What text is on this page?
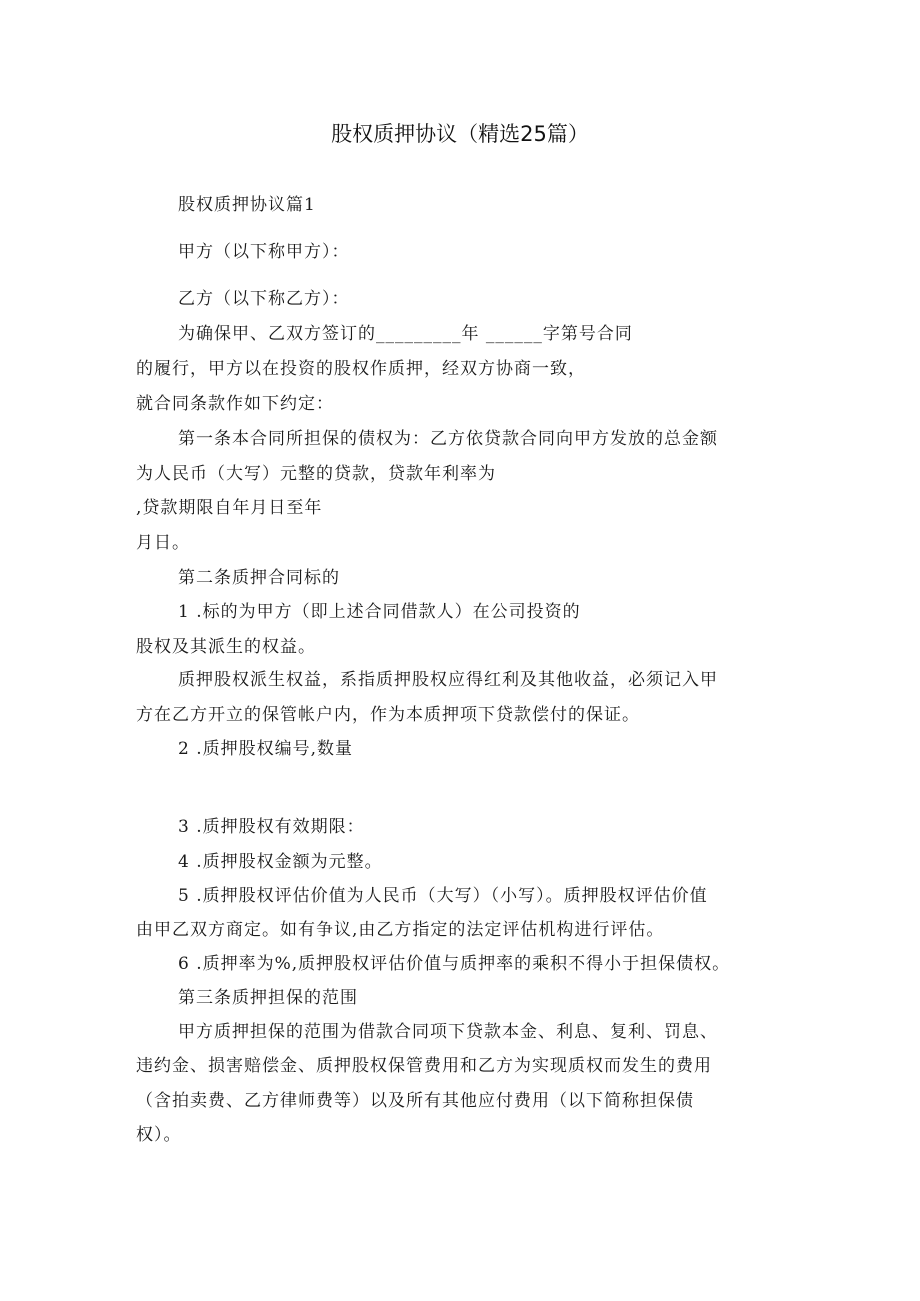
股权质押协议（精选25篇）
股权质押协议篇1
甲方（以下称甲方）：
乙方（以下称乙方）：
为确保甲、乙双方签订的_________年 ______字第号合同
的履行，甲方以在投资的股权作质押，经双方协商一致，
就合同条款作如下约定：
第一条本合同所担保的债权为：乙方依贷款合同向甲方发放的总金额
为人民币（大写）元整的贷款，贷款年利率为
,贷款期限自年月日至年
月日。
第二条质押合同标的
1 .标的为甲方（即上述合同借款人）在公司投资的
股权及其派生的权益。
质押股权派生权益，系指质押股权应得红利及其他收益，必须记入甲
方在乙方开立的保管帐户内，作为本质押项下贷款偿付的保证。
2 .质押股权编号,数量
3 .质押股权有效期限：
4 .质押股权金额为元整。
5 .质押股权评估价值为人民币（大写）（小写）。质押股权评估价值
由甲乙双方商定。如有争议,由乙方指定的法定评估机构进行评估。
6 .质押率为%,质押股权评估价值与质押率的乘积不得小于担保债权。
第三条质押担保的范围
甲方质押担保的范围为借款合同项下贷款本金、利息、复利、罚息、
违约金、损害赔偿金、质押股权保管费用和乙方为实现质权而发生的费用
（含拍卖费、乙方律师费等）以及所有其他应付费用（以下简称担保债
权）。
